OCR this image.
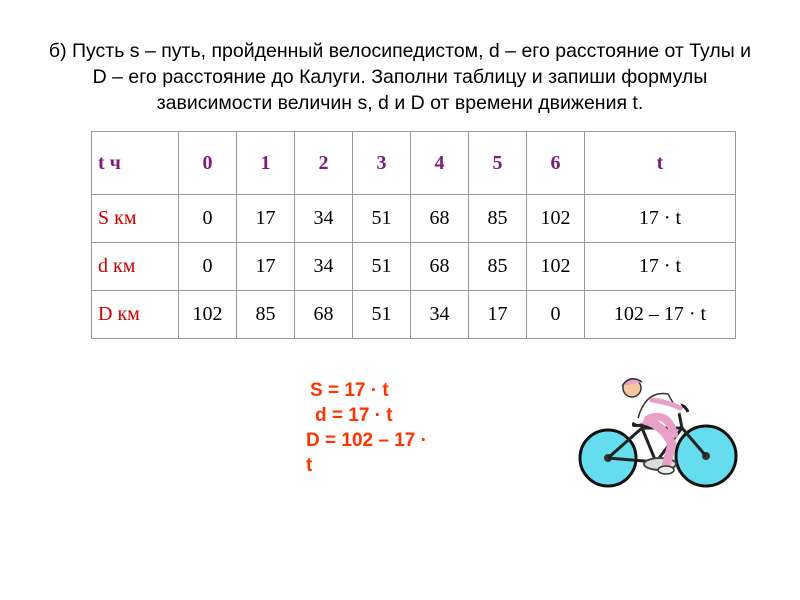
б) Пусть s – путь, пройденный велосипедистом, d – его расстояние от Тулы и D – его расстояние до Калуги. Заполни таблицу и запиши формулы зависимости величин s, d и D от времени движения t.
t ч	0	1	2	3	4	5	6	t
S км	0	17	34	51	68	85	102	17 · t
d км	0	17	34	51	68	85	102	17 · t
D км	102	85	68	51	34	17	0	102 – 17 · t
S = 17 · t
d = 17 · t
D = 102 – 17 ·
t
